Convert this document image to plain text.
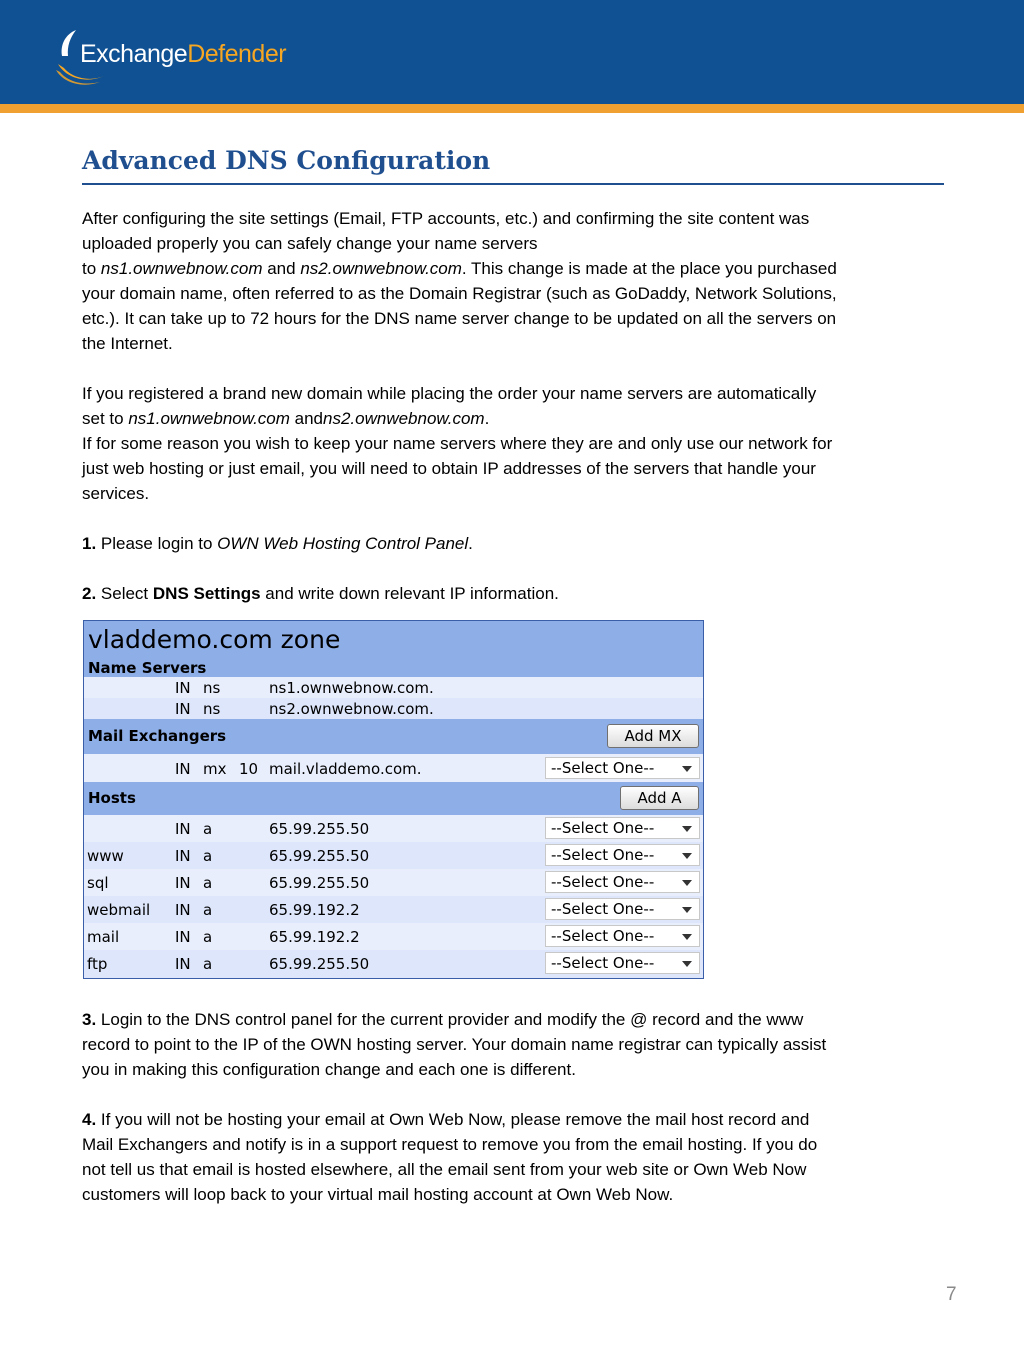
ExchangeDefender
Advanced DNS Configuration
After configuring the site settings (Email, FTP accounts, etc.) and confirming the site content was
uploaded properly you can safely change your name servers
to ns1.ownwebnow.com and ns2.ownwebnow.com. This change is made at the place you purchased
your domain name, often referred to as the Domain Registrar (such as GoDaddy, Network Solutions,
etc.). It can take up to 72 hours for the DNS name server change to be updated on all the servers on
the Internet.
If you registered a brand new domain while placing the order your name servers are automatically
set to ns1.ownwebnow.com andns2.ownwebnow.com.
If for some reason you wish to keep your name servers where they are and only use our network for
just web hosting or just email, you will need to obtain IP addresses of the servers that handle your
services.
1. Please login to OWN Web Hosting Control Panel.
2. Select DNS Settings and write down relevant IP information.
vladdemo.com zone
Name Servers
IN ns	ns1.ownwebnow.com.
IN ns	ns2.ownwebnow.com.
Mail Exchangers	Add MX
IN mx 10 mail.vladdemo.com.	--Select One--
Hosts	Add A
IN a	65.99.255.50	--Select One--
www	IN a	65.99.255.50	--Select One--
sql	IN a	65.99.255.50	--Select One--
webmail IN a	65.99.192.2	--Select One--
mail	IN a	65.99.192.2	--Select One--
ftp	IN a	65.99.255.50	--Select One--
3. Login to the DNS control panel for the current provider and modify the @ record and the www
record to point to the IP of the OWN hosting server. Your domain name registrar can typically assist
you in making this configuration change and each one is different.
4. If you will not be hosting your email at Own Web Now, please remove the mail host record and
Mail Exchangers and notify is in a support request to remove you from the email hosting. If you do
not tell us that email is hosted elsewhere, all the email sent from your web site or Own Web Now
customers will loop back to your virtual mail hosting account at Own Web Now.
7
